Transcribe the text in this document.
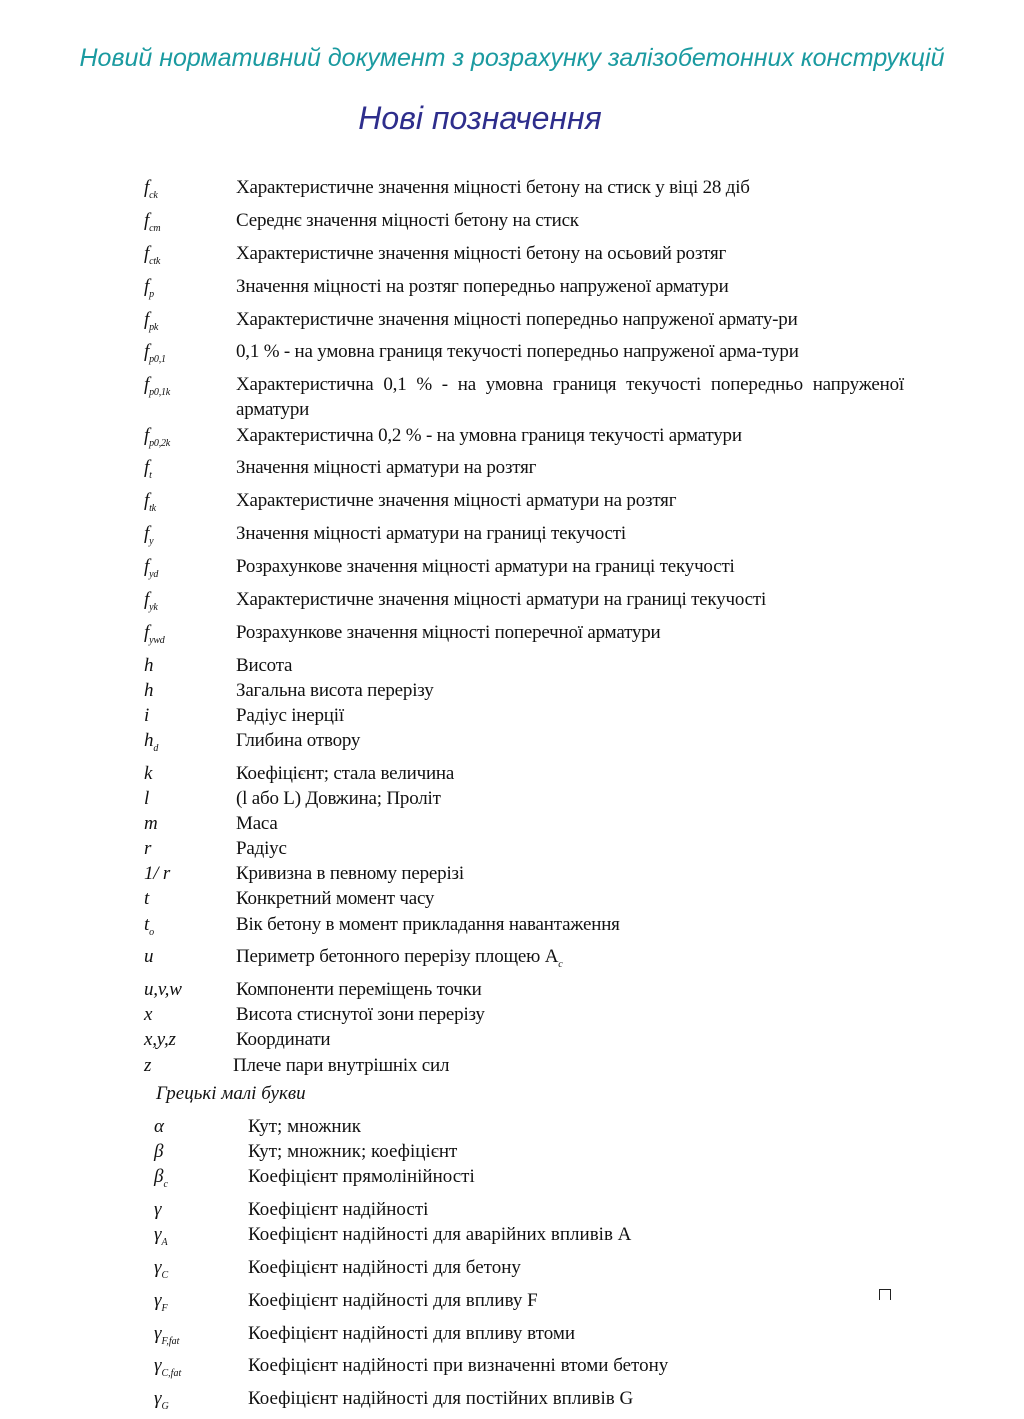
Новий нормативний документ з розрахунку залізобетонних конструкцій
Нові позначення
$f_{ck}$	Характеристичне значення міцності бетону на стиск у віці 28 діб
$f_{cm}$	Середнє значення міцності бетону на стиск
$f_{ctk}$	Характеристичне значення міцності бетону на осьовий розтяг
$f_p$	Значення міцності на розтяг попередньо напруженої арматури
$f_{pk}$	Характеристичне значення міцності попередньо напруженої армату-ри
$f_{p0,1}$	0,1 % - на умовна границя текучості попередньо напруженої арма-тури
$f_{p0,1k}$	Характеристична 0,1 % - на умовна границя текучості попередньо напруженої арматури
$f_{p0,2k}$	Характеристична 0,2 % - на умовна границя текучості арматури
$f_t$	Значення міцності арматури на розтяг
$f_{tk}$	Характеристичне значення міцності арматури на розтяг
$f_y$	Значення міцності арматури на границі текучості
$f_{yd}$	Розрахункове значення міцності арматури на границі текучості
$f_{yk}$	Характеристичне значення міцності арматури на границі текучості
$f_{ywd}$	Розрахункове значення міцності поперечної арматури
h	Висота
h	Загальна висота перерізу
i	Радіус інерції
$h_d$	Глибина отвору
k	Коефіцієнт; стала величина
l	(l або L) Довжина; Проліт
m	Маса
r	Радіус
1/ r	Кривизна в певному перерізі
t	Конкретний момент часу
$t_o$	Вік бетону в момент прикладання навантаження
u	Периметр бетонного перерізу площею $A_c$
u,v,w	Компоненти переміщень точки
x	Висота стиснутої зони перерізу
x,y,z	Координати
z	Плече пари внутрішніх сил
Грецькі малі букви
α	Кут; множник
β	Кут; множник; коефіцієнт
$\beta_c$	Коефіцієнт прямолінійності
γ	Коефіцієнт надійності
$\gamma_A$	Коефіцієнт надійності для аварійних впливів A
$\gamma_C$	Коефіцієнт надійності для бетону
$\gamma_F$	Коефіцієнт надійності для впливу F
$\gamma_{F,fat}$	Коефіцієнт надійності для впливу втоми
$\gamma_{C,fat}$	Коефіцієнт надійності при визначенні втоми бетону
$\gamma_G$	Коефіцієнт надійності для постійних впливів G
